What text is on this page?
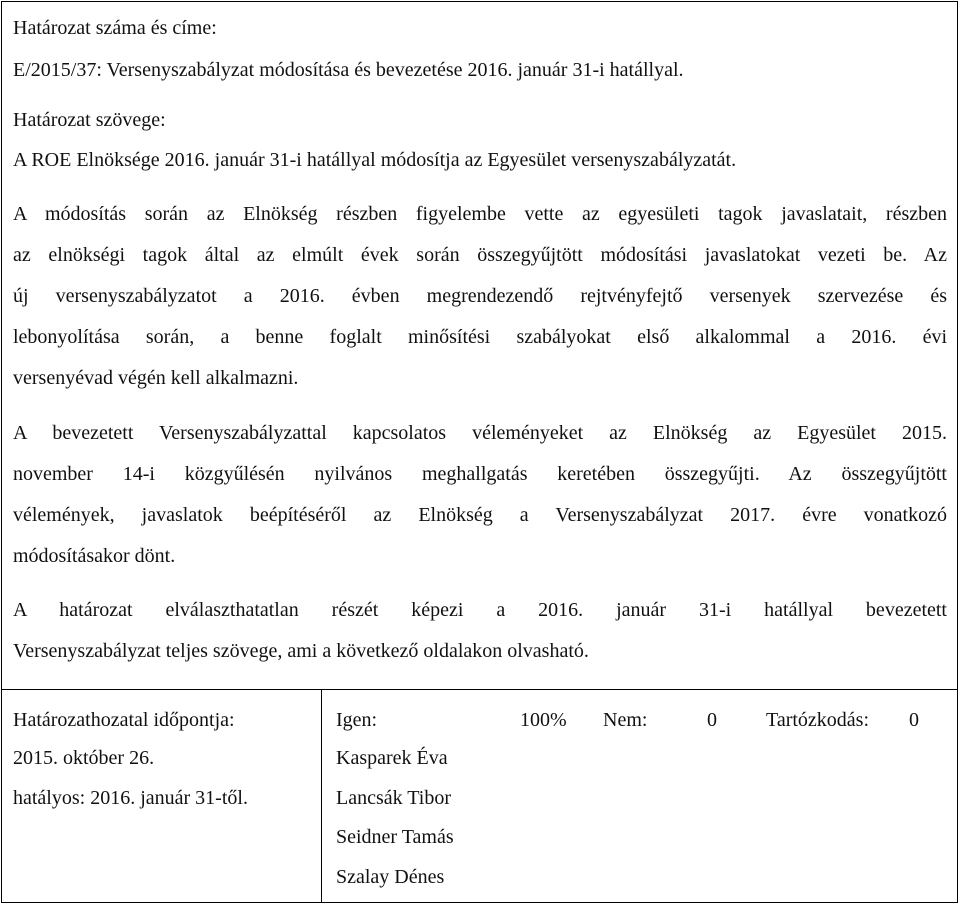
Határozat száma és címe:
E/2015/37: Versenyszabályzat módosítása és bevezetése 2016. január 31-i hatállyal.
Határozat szövege:
A ROE Elnöksége 2016. január 31-i hatállyal módosítja az Egyesület versenyszabályzatát.
A módosítás során az Elnökség részben figyelembe vette az egyesületi tagok javaslatait, részben
az elnökségi tagok által az elmúlt évek során összegyűjtött módosítási javaslatokat vezeti be. Az
új versenyszabályzatot a 2016. évben megrendezendő rejtvényfejtő versenyek szervezése és
lebonyolítása során, a benne foglalt minősítési szabályokat első alkalommal a 2016. évi
versenyévad végén kell alkalmazni.
A bevezetett Versenyszabályzattal kapcsolatos véleményeket az Elnökség az Egyesület 2015.
november 14-i közgyűlésén nyilvános meghallgatás keretében összegyűjti. Az összegyűjtött
vélemények, javaslatok beépítéséről az Elnökség a Versenyszabályzat 2017. évre vonatkozó
módosításakor dönt.
A határozat elválaszthatatlan részét képezi a 2016. január 31-i hatállyal bevezetett
Versenyszabályzat teljes szövege, ami a következő oldalakon olvasható.
Határozathozatal időpontja:
2015. október 26.
hatályos: 2016. január 31-től.
Igen:
Kasparek Éva
Lancsák Tibor
Seidner Tamás
Szalay Dénes
100% Nem:	0 Tartózkodás: 0
